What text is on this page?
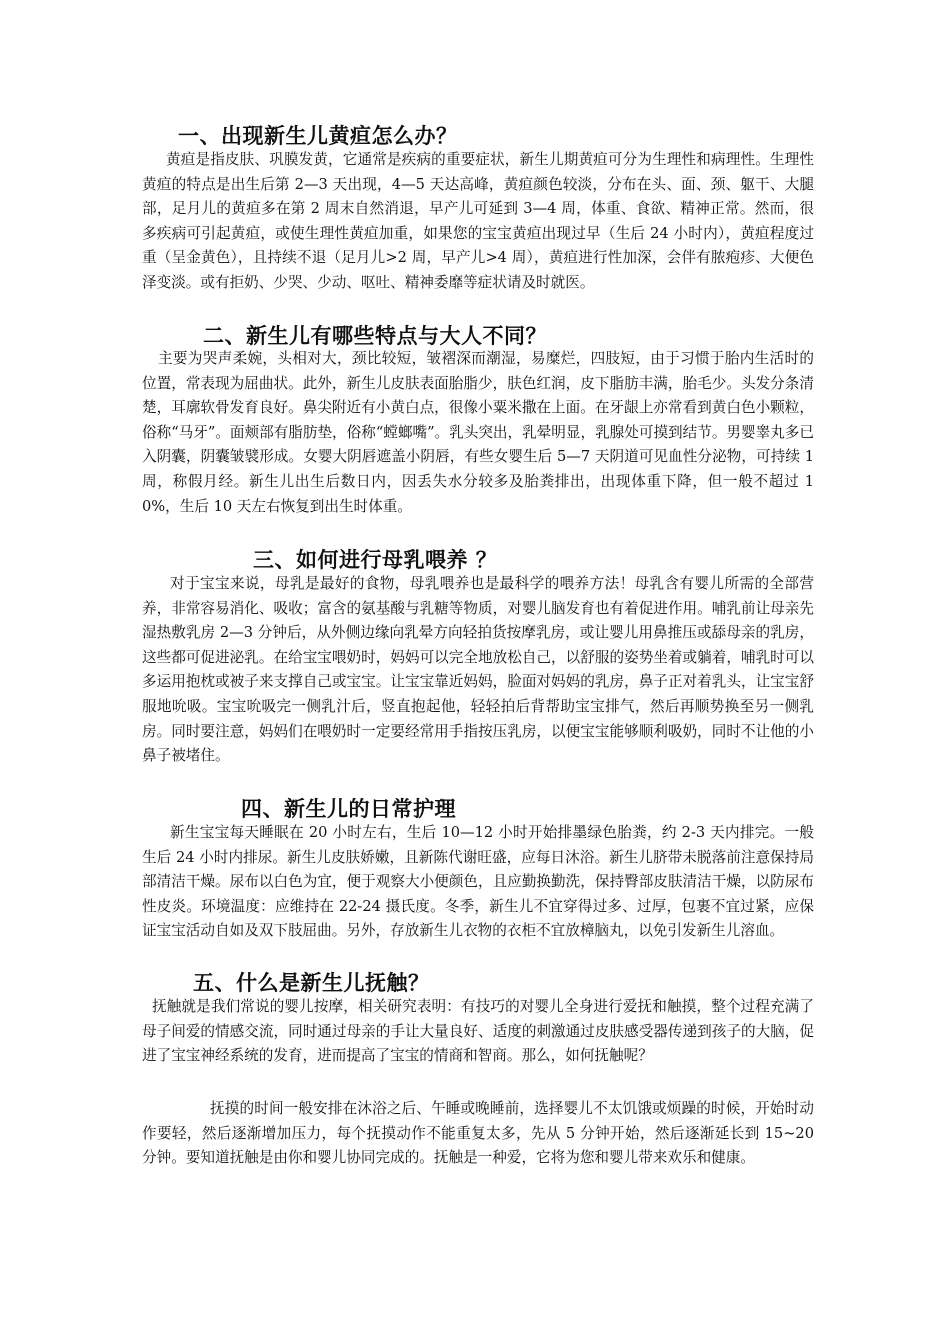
一、出现新生儿黄疸怎么办？

黄疸是指皮肤、巩膜发黄，它通常是疾病的重要症状，新生儿期黄疸可分为生理性和病理性。生理性黄疸的特点是出生后第 2—3 天出现，4—5 天达高峰，黄疸颜色较淡，分布在头、面、颈、躯干、大腿部，足月儿的黄疸多在第 2 周末自然消退，早产儿可延到 3—4 周，体重、食欲、精神正常。然而，很多疾病可引起黄疸，或使生理性黄疸加重，如果您的宝宝黄疸出现过早（生后 24 小时内），黄疸程度过重（呈金黄色），且持续不退（足月儿>2 周，早产儿>4 周），黄疸进行性加深，会伴有脓疱疹、大便色泽变淡。或有拒奶、少哭、少动、呕吐、精神委靡等症状请及时就医。

二、新生儿有哪些特点与大人不同？

主要为哭声柔婉，头相对大，颈比较短，皱褶深而潮湿，易糜烂，四肢短，由于习惯于胎内生活时的位置，常表现为屈曲状。此外，新生儿皮肤表面胎脂少，肤色红润，皮下脂肪丰满，胎毛少。头发分条清楚，耳廓软骨发育良好。鼻尖附近有小黄白点，很像小粟米撒在上面。在牙龈上亦常看到黄白色小颗粒，俗称“马牙”。面颊部有脂肪垫，俗称“螳螂嘴”。乳头突出，乳晕明显，乳腺处可摸到结节。男婴睾丸多已入阴囊，阴囊皱襞形成。女婴大阴唇遮盖小阴唇，有些女婴生后 5—7 天阴道可见血性分泌物，可持续 1 周，称假月经。新生儿出生后数日内，因丢失水分较多及胎粪排出，出现体重下降，但一般不超过 10%，生后 10 天左右恢复到出生时体重。

三、如何进行母乳喂养 ？

对于宝宝来说，母乳是最好的食物，母乳喂养也是最科学的喂养方法！母乳含有婴儿所需的全部营养，非常容易消化、吸收；富含的氨基酸与乳糖等物质，对婴儿脑发育也有着促进作用。哺乳前让母亲先湿热敷乳房 2—3 分钟后，从外侧边缘向乳晕方向轻拍货按摩乳房，或让婴儿用鼻推压或舔母亲的乳房，这些都可促进泌乳。在给宝宝喂奶时，妈妈可以完全地放松自己，以舒服的姿势坐着或躺着，哺乳时可以多运用抱枕或被子来支撑自己或宝宝。让宝宝靠近妈妈，脸面对妈妈的乳房，鼻子正对着乳头，让宝宝舒服地吮吸。宝宝吮吸完一侧乳汁后，竖直抱起他，轻轻拍后背帮助宝宝排气，然后再顺势换至另一侧乳房。同时要注意，妈妈们在喂奶时一定要经常用手指按压乳房，以便宝宝能够顺利吸奶，同时不让他的小鼻子被堵住。

四、新生儿的日常护理

新生宝宝每天睡眠在 20 小时左右，生后 10—12 小时开始排墨绿色胎粪，约 2-3 天内排完。一般生后 24 小时内排尿。新生儿皮肤娇嫩，且新陈代谢旺盛，应每日沐浴。新生儿脐带未脱落前注意保持局部清洁干燥。尿布以白色为宜，便于观察大小便颜色，且应勤换勤洗，保持臀部皮肤清洁干燥，以防尿布性皮炎。环境温度：应维持在 22-24 摄氏度。冬季，新生儿不宜穿得过多、过厚，包裹不宜过紧，应保证宝宝活动自如及双下肢屈曲。另外，存放新生儿衣物的衣柜不宜放樟脑丸，以免引发新生儿溶血。

五、什么是新生儿抚触？

抚触就是我们常说的婴儿按摩，相关研究表明：有技巧的对婴儿全身进行爱抚和触摸，整个过程充满了母子间爱的情感交流，同时通过母亲的手让大量良好、适度的刺激通过皮肤感受器传递到孩子的大脑，促进了宝宝神经系统的发育，进而提高了宝宝的情商和智商。那么，如何抚触呢？

抚摸的时间一般安排在沐浴之后、午睡或晚睡前，选择婴儿不太饥饿或烦躁的时候，开始时动作要轻，然后逐渐增加压力，每个抚摸动作不能重复太多，先从 5 分钟开始，然后逐渐延长到 15~20 分钟。要知道抚触是由你和婴儿协同完成的。抚触是一种爱，它将为您和婴儿带来欢乐和健康。
